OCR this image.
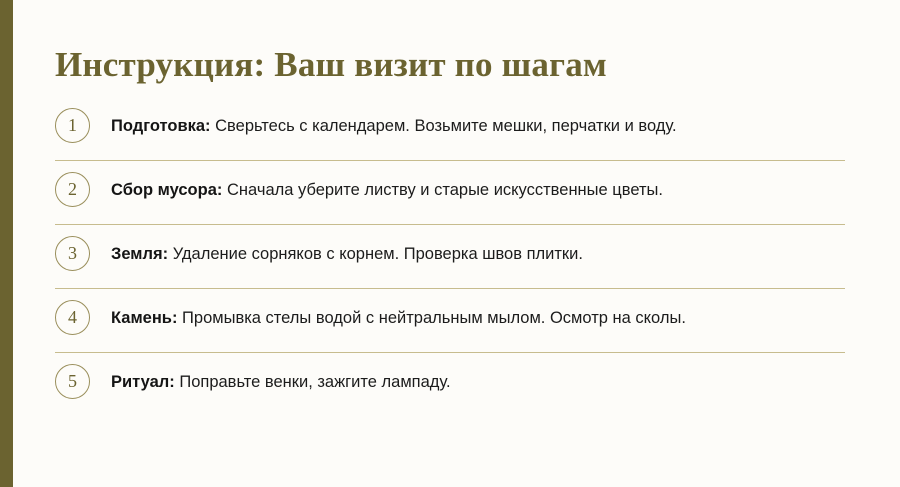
Инструкция: Ваш визит по шагам
1	Подготовка: Сверьтесь с календарем. Возьмите мешки, перчатки и воду.
2	Сбор мусора: Сначала уберите листву и старые искусственные цветы.
3	Земля: Удаление сорняков с корнем. Проверка швов плитки.
4	Камень: Промывка стелы водой с нейтральным мылом. Осмотр на сколы.
5	Ритуал: Поправьте венки, зажгите лампаду.
